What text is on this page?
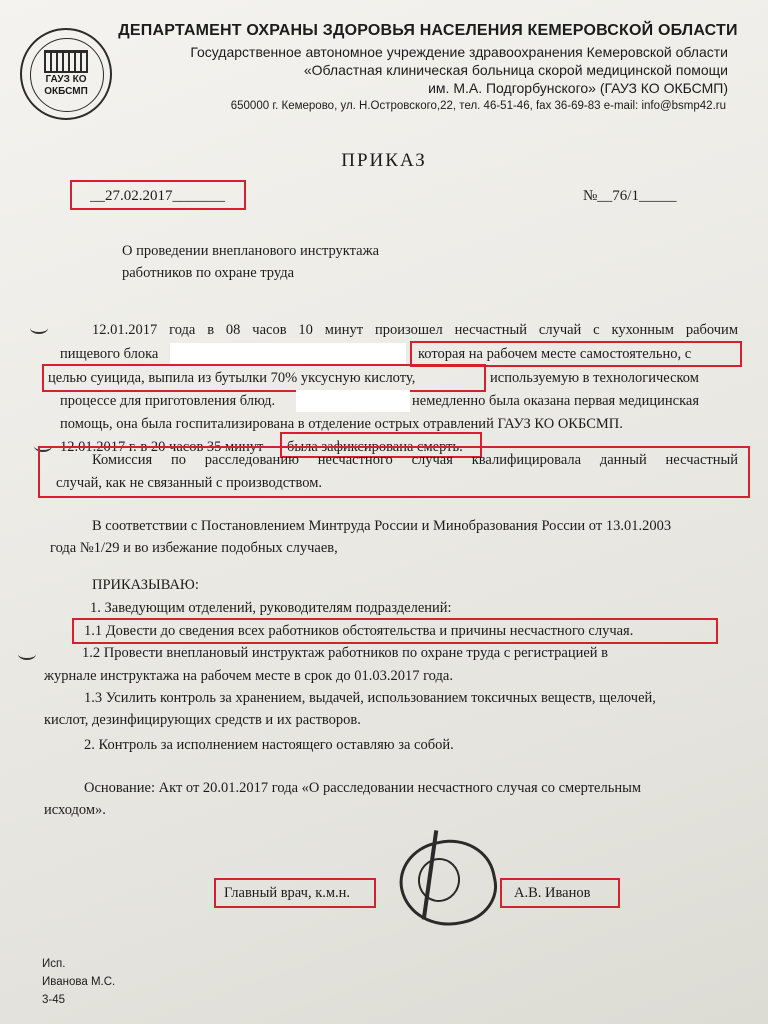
ГАУЗ КО
ОКБСМП
ДЕПАРТАМЕНТ ОХРАНЫ ЗДОРОВЬЯ НАСЕЛЕНИЯ КЕМЕРОВСКОЙ ОБЛАСТИ
Государственное автономное учреждение здравоохранения Кемеровской области
«Областная клиническая больница скорой медицинской помощи
им. М.А. Подгорбунского» (ГАУЗ КО ОКБСМП)
650000 г. Кемерово, ул. Н.Островского,22, тел. 46-51-46, fax 36-69-83 e-mail: info@bsmp42.ru
ПРИКАЗ
__27.02.2017_______	№__76/1_____
О проведении внепланового инструктажа
работников по охране труда
12.01.2017 года в 08 часов 10 минут произошел несчастный случай с кухонным рабочим
пищевого блока	которая на рабочем месте самостоятельно, с
целью суицида, выпила из бутылки 70% уксусную кислоту,	используемую в технологическом
процессе для приготовления блюд.	немедленно была оказана первая медицинская
помощь, она была госпитализирована в отделение острых отравлений ГАУЗ КО ОКБСМП.
12.01.2017 г. в 20 часов 35 минут была зафиксирована смерть.
Комиссия по расследованию несчастного случая квалифицировала данный несчастный
случай, как не связанный с производством.
В соответствии с Постановлением Минтруда России и Минобразования России от 13.01.2003
года №1/29 и во избежание подобных случаев,
ПРИКАЗЫВАЮ:
1. Заведующим отделений, руководителям подразделений:
1.1 Довести до сведения всех работников обстоятельства и причины несчастного случая.
1.2 Провести внеплановый инструктаж работников по охране труда с регистрацией в
журнале инструктажа на рабочем месте в срок до 01.03.2017 года.
1.3 Усилить контроль за хранением, выдачей, использованием токсичных веществ, щелочей,
кислот, дезинфицирующих средств и их растворов.
2. Контроль за исполнением настоящего оставляю за собой.
Основание: Акт от 20.01.2017 года «О расследовании несчастного случая со смертельным
исходом».
Главный врач, к.м.н.	А.В. Иванов
Исп.
Иванова М.С.
3-45
